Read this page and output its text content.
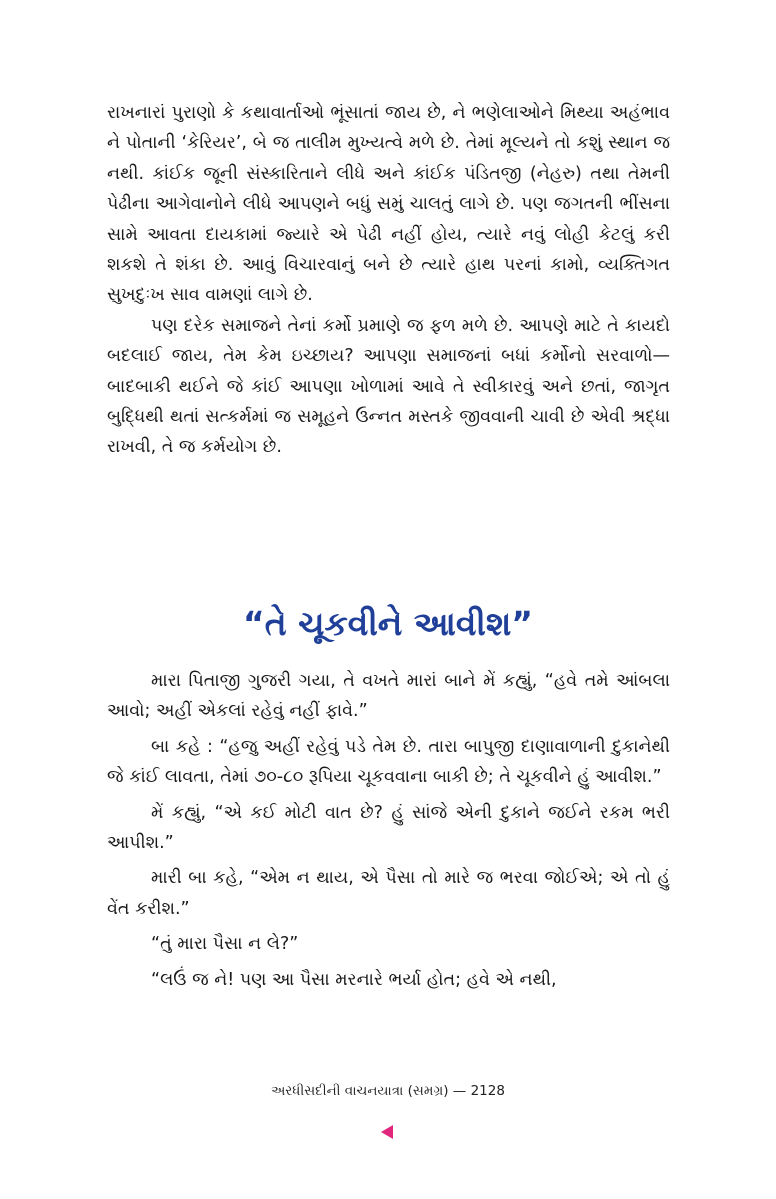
રાખનારાં પુરાણો કે કથાવાર્તાઓ ભૂંસાતાં જાય છે, ને ભણેલાઓને મિથ્યા અહંભાવ ને પોતાની ‘કેરિયર’, બે જ તાલીમ મુખ્યત્વે મળે છે. તેમાં મૂલ્યને તો કશું સ્થાન જ નથી. કાંઈક જૂની સંસ્કારિતાને લીધે અને કાંઈક પંડિતજી (નેહરુ) તથા તેમની પેઢીના આગેવાનોને લીધે આપણને બધું સમું ચાલતું લાગે છે. પણ જગતની ભીંસના સામે આવતા દાયકામાં જ્યારે એ પેઢી નહીં હોય, ત્યારે નવું લોહી કેટલું કરી શકશે તે શંકા છે. આવું વિચારવાનું બને છે ત્યારે હાથ પરનાં કામો, વ્યક્તિગત સુખદુઃખ સાવ વામણાં લાગે છે.

પણ દરેક સમાજને તેનાં કર્મો પ્રમાણે જ ફળ મળે છે. આપણે માટે તે કાયદો બદલાઈ જાય, તેમ કેમ ઇચ્છાય? આપણા સમાજનાં બધાં કર્મોનો સરવાળો—બાદબાકી થઈને જે કાંઈ આપણા ખોળામાં આવે તે સ્વીકારવું અને છતાં, જાગૃત બુદ્ધિથી થતાં સત્કર્મમાં જ સમૂહને ઉન્નત મસ્તકે જીવવાની ચાવી છે એવી શ્રદ્ધા રાખવી, તે જ કર્મયોગ છે.

“તે ચૂકવીને આવીશ”

મારા પિતાજી ગુજરી ગયા, તે વખતે મારાં બાને મેં કહ્યું, “હવે તમે આંબલા આવો; અહીં એકલાં રહેવું નહીં ફાવે.”

બા કહે : “હજુ અહીં રહેવું પડે તેમ છે. તારા બાપુજી દાણાવાળાની દુકાનેથી જે કાંઈ લાવતા, તેમાં ૭૦-૮૦ રૂપિયા ચૂકવવાના બાકી છે; તે ચૂકવીને હું આવીશ.”

મેં કહ્યું, “એ કઈ મોટી વાત છે? હું સાંજે એની દુકાને જઈને રકમ ભરી આપીશ.”

મારી બા કહે, “એમ ન થાય, એ પૈસા તો મારે જ ભરવા જોઈએ; એ તો હું વેંત કરીશ.”

“તું મારા પૈસા ન લે?”

“લઉં જ ને! પણ આ પૈસા મરનારે ભર્યા હોત; હવે એ નથી,

અરધીસદીની વાચનયાત્રા (સમગ્ર) — 2128
